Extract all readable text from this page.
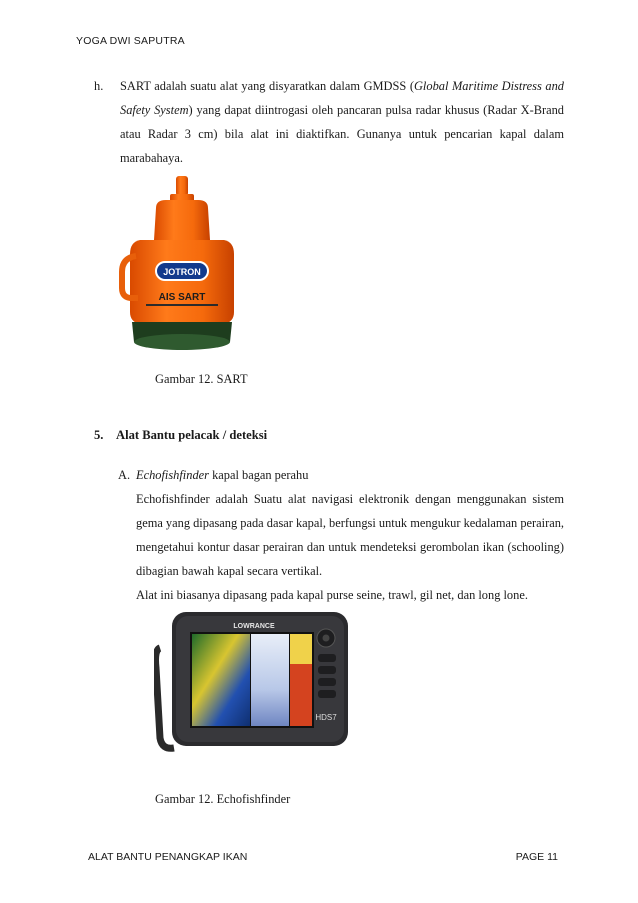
YOGA DWI SAPUTRA
h. SART adalah suatu alat yang disyaratkan dalam GMDSS (Global Maritime Distress and Safety System) yang dapat diintrogasi oleh pancaran pulsa radar khusus (Radar X-Brand atau Radar 3 cm) bila alat ini diaktifkan. Gunanya untuk pencarian kapal dalam marabahaya.
JOTRON
AIS SART
Gambar 12. SART
5. Alat Bantu pelacak / deteksi
A. Echofishfinder kapal bagan perahu
Echofishfinder adalah Suatu alat navigasi elektronik dengan menggunakan sistem gema yang dipasang pada dasar kapal, berfungsi untuk mengukur kedalaman perairan, mengetahui kontur dasar perairan dan untuk mendeteksi gerombolan ikan (schooling) dibagian bawah kapal secara vertikal.
Alat ini biasanya dipasang pada kapal purse seine, trawl, gil net, dan long lone.
LOWRANCE
HDS7
Gambar 12. Echofishfinder
ALAT BANTU PENANGKAP IKAN	PAGE 11
